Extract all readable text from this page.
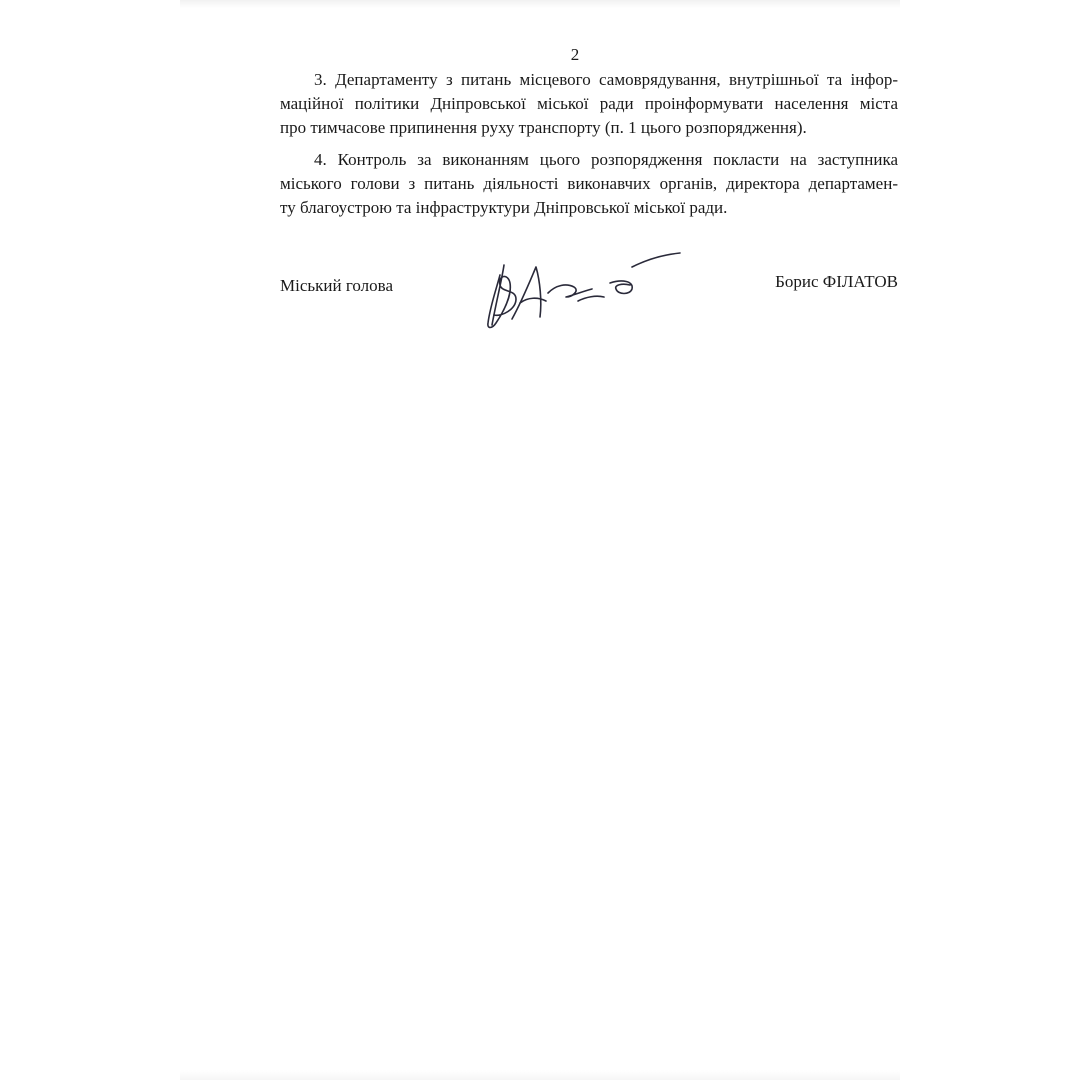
2
3. Департаменту з питань місцевого самоврядування, внутрішньої та інфор-
маційної політики Дніпровської міської ради проінформувати населення міста
про тимчасове припинення руху транспорту (п. 1 цього розпорядження).
4. Контроль за виконанням цього розпорядження покласти на заступника
міського голови з питань діяльності виконавчих органів, директора департамен-
ту благоустрою та інфраструктури Дніпровської міської ради.
Міський голова	Борис ФІЛАТОВ
